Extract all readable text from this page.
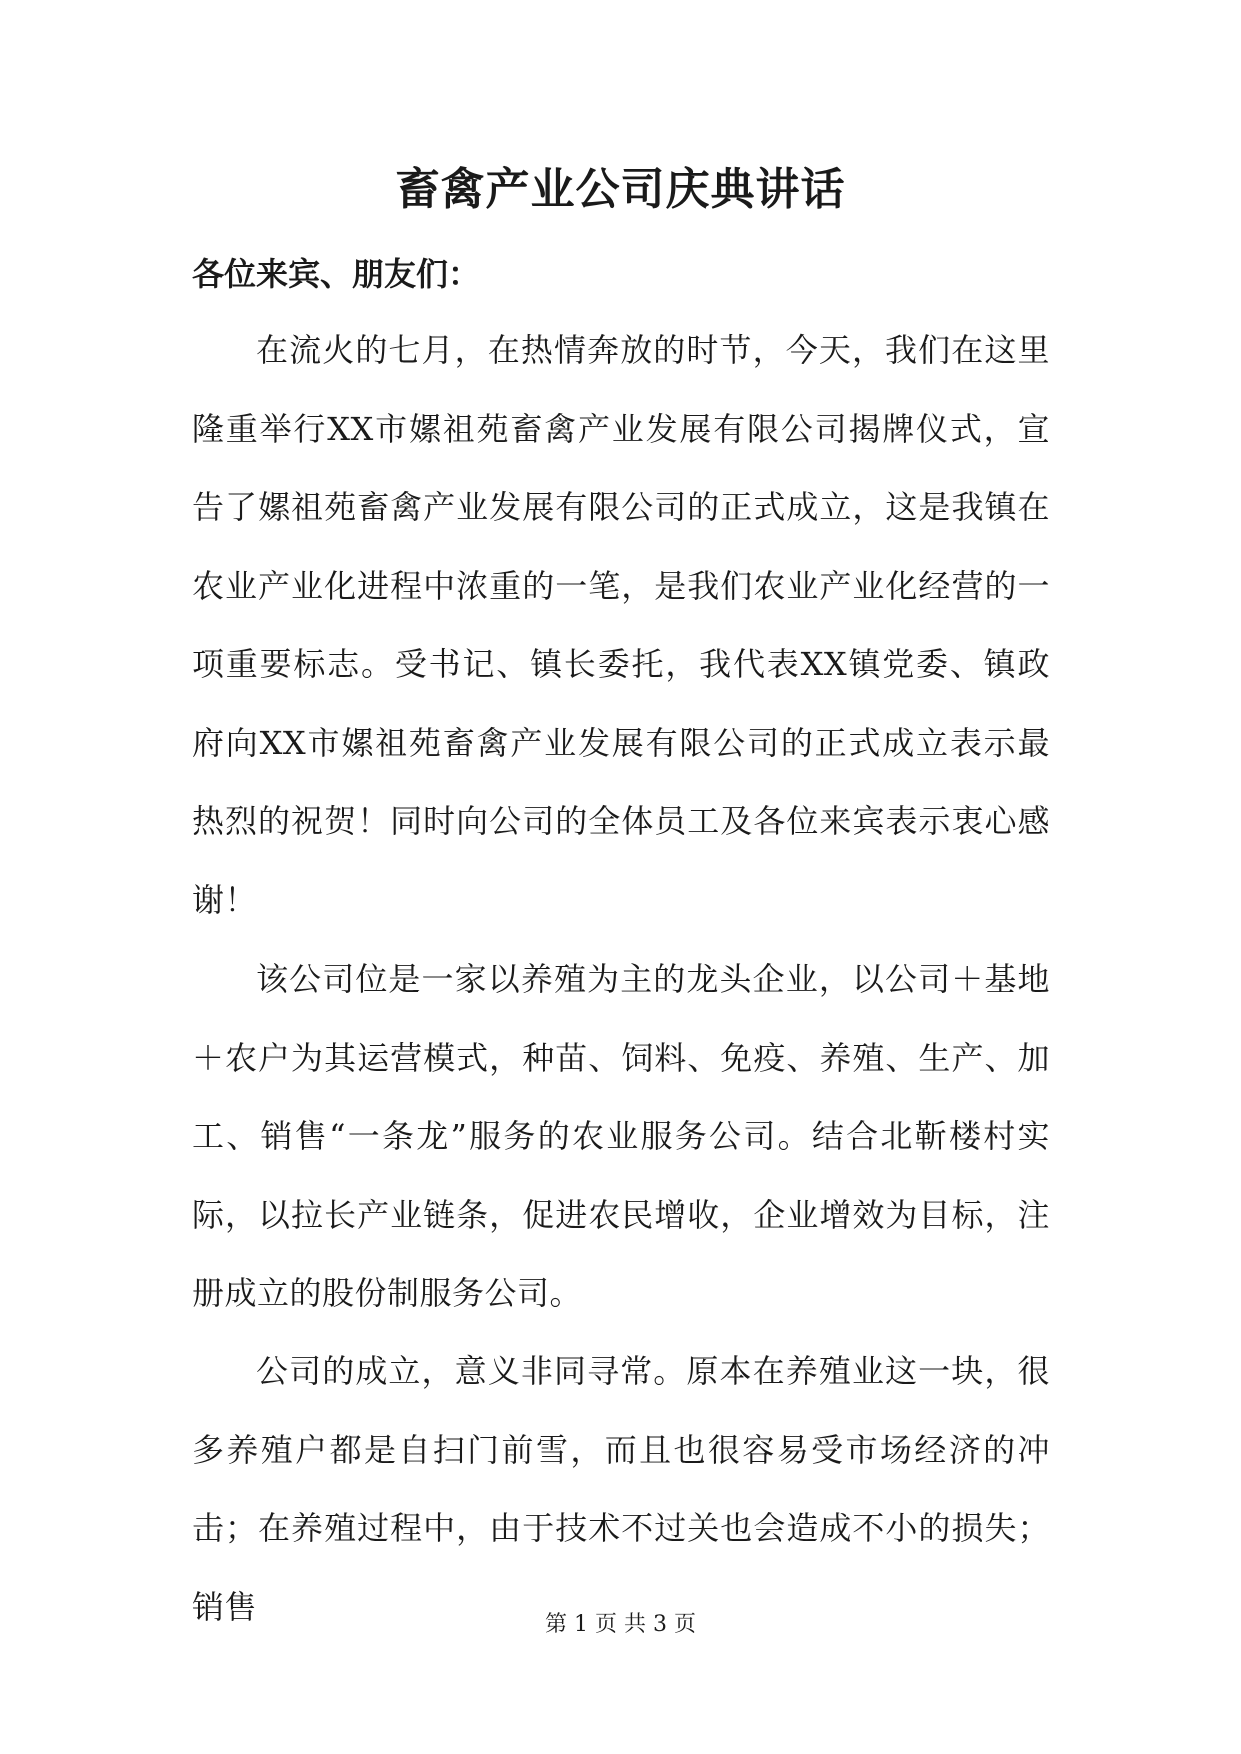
畜禽产业公司庆典讲话

各位来宾、朋友们：

在流火的七月，在热情奔放的时节，今天，我们在这里隆重举行XX市嫘祖苑畜禽产业发展有限公司揭牌仪式，宣告了嫘祖苑畜禽产业发展有限公司的正式成立，这是我镇在农业产业化进程中浓重的一笔，是我们农业产业化经营的一项重要标志。受书记、镇长委托，我代表XX镇党委、镇政府向XX市嫘祖苑畜禽产业发展有限公司的正式成立表示最热烈的祝贺！同时向公司的全体员工及各位来宾表示衷心感谢！

该公司位是一家以养殖为主的龙头企业，以公司＋基地＋农户为其运营模式，种苗、饲料、免疫、养殖、生产、加工、销售“一条龙”服务的农业服务公司。结合北靳楼村实际，以拉长产业链条，促进农民增收，企业增效为目标，注册成立的股份制服务公司。

公司的成立，意义非同寻常。原本在养殖业这一块，很多养殖户都是自扫门前雪，而且也很容易受市场经济的冲击；在养殖过程中，由于技术不过关也会造成不小的损失；销售	第 1 页 共 3 页
